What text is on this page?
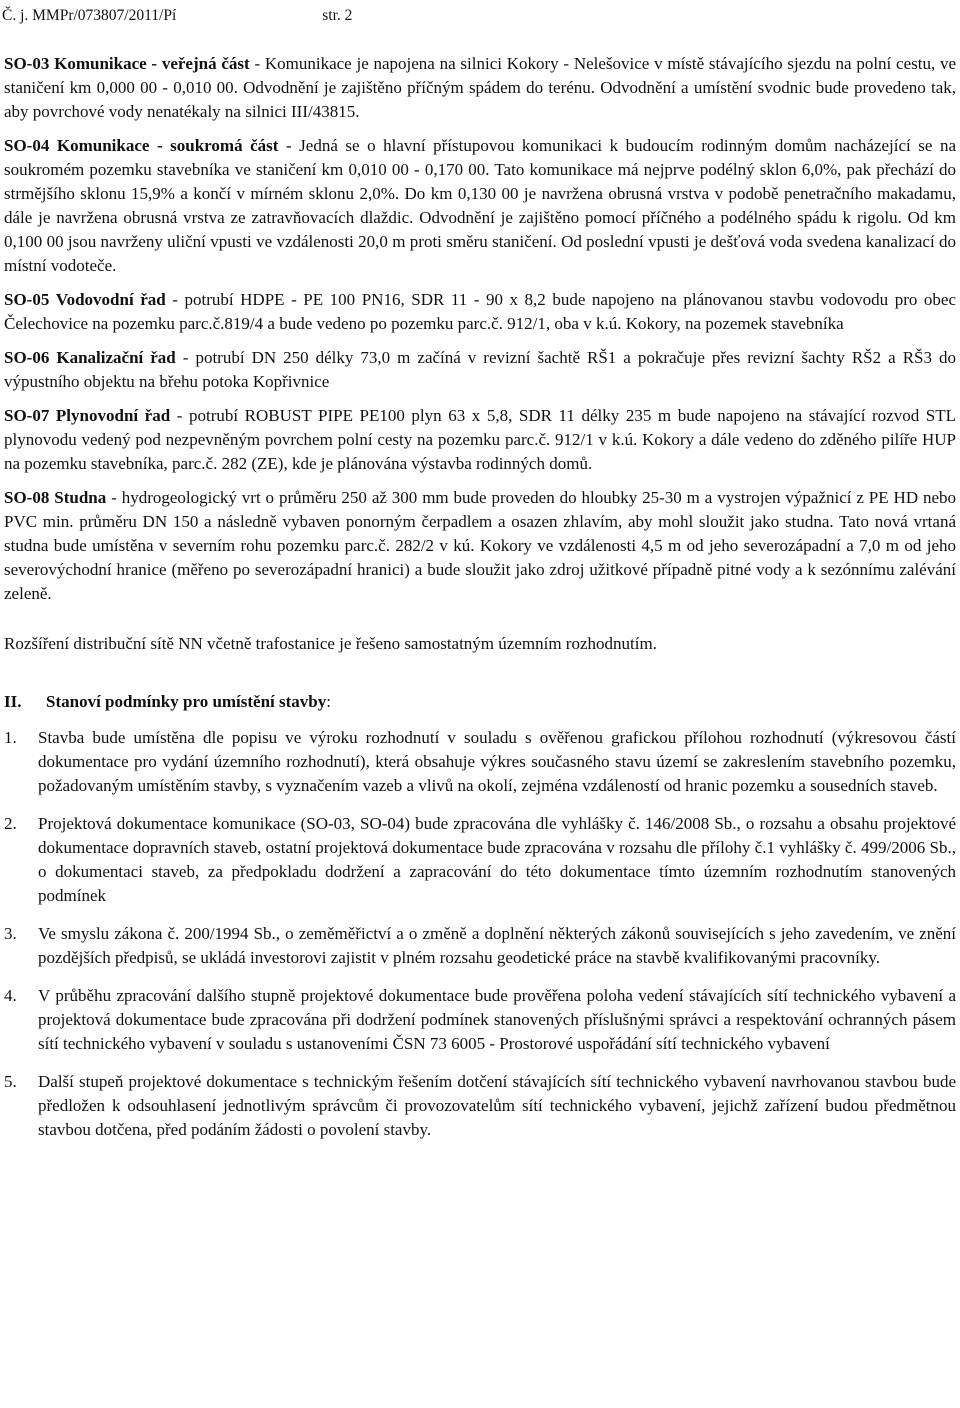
Č. j. MMPr/073807/2011/Pí	str. 2

SO-03 Komunikace - veřejná část - Komunikace je napojena na silnici Kokory - Nelešovice v místě stávajícího sjezdu na polní cestu, ve staničení km 0,000 00 - 0,010 00. Odvodnění je zajištěno příčným spádem do terénu. Odvodnění a umístění svodnic bude provedeno tak, aby povrchové vody nenatékaly na silnici III/43815.

SO-04 Komunikace - soukromá část - Jedná se o hlavní přístupovou komunikaci k budoucím rodinným domům nacházející se na soukromém pozemku stavebníka ve staničení km 0,010 00 - 0,170 00. Tato komunikace má nejprve podélný sklon 6,0%, pak přechází do strmějšího sklonu 15,9% a končí v mírném sklonu 2,0%. Do km 0,130 00 je navržena obrusná vrstva v podobě penetračního makadamu, dále je navržena obrusná vrstva ze zatravňovacích dlaždic. Odvodnění je zajištěno pomocí příčného a podélného spádu k rigolu. Od km 0,100 00 jsou navrženy uliční vpusti ve vzdálenosti 20,0 m proti směru staničení. Od poslední vpusti je dešťová voda svedena kanalizací do místní vodoteče.

SO-05 Vodovodní řad - potrubí HDPE - PE 100 PN16, SDR 11 - 90 x 8,2 bude napojeno na plánovanou stavbu vodovodu pro obec Čelechovice na pozemku parc.č.819/4 a bude vedeno po pozemku parc.č. 912/1, oba v k.ú. Kokory, na pozemek stavebníka

SO-06 Kanalizační řad - potrubí DN 250 délky 73,0 m začíná v revizní šachtě RŠ1 a pokračuje přes revizní šachty RŠ2 a RŠ3 do výpustního objektu na břehu potoka Kopřivnice

SO-07 Plynovodní řad - potrubí ROBUST PIPE PE100 plyn 63 x 5,8, SDR 11 délky 235 m bude napojeno na stávající rozvod STL plynovodu vedený pod nezpevněným povrchem polní cesty na pozemku parc.č. 912/1 v k.ú. Kokory a dále vedeno do zděného pilíře HUP na pozemku stavebníka, parc.č. 282 (ZE), kde je plánována výstavba rodinných domů.

SO-08 Studna - hydrogeologický vrt o průměru 250 až 300 mm bude proveden do hloubky 25-30 m a vystrojen výpažnicí z PE HD nebo PVC min. průměru DN 150 a následně vybaven ponorným čerpadlem a osazen zhlavím, aby mohl sloužit jako studna. Tato nová vrtaná studna bude umístěna v severním rohu pozemku parc.č. 282/2 v kú. Kokory ve vzdálenosti 4,5 m od jeho severozápadní a 7,0 m od jeho severovýchodní hranice (měřeno po severozápadní hranici) a bude sloužit jako zdroj užitkové případně pitné vody a k sezónnímu zalévání zeleně.

Rozšíření distribuční sítě NN včetně trafostanice je řešeno samostatným územním rozhodnutím.

II. Stanoví podmínky pro umístění stavby:
1.	Stavba bude umístěna dle popisu ve výroku rozhodnutí v souladu s ověřenou grafickou přílohou rozhodnutí (výkresovou částí dokumentace pro vydání územního rozhodnutí), která obsahuje výkres současného stavu území se zakreslením stavebního pozemku, požadovaným umístěním stavby, s vyznačením vazeb a vlivů na okolí, zejména vzdáleností od hranic pozemku a sousedních staveb.
2.	Projektová dokumentace komunikace (SO-03, SO-04) bude zpracována dle vyhlášky č. 146/2008 Sb., o rozsahu a obsahu projektové dokumentace dopravních staveb, ostatní projektová dokumentace bude zpracována v rozsahu dle přílohy č.1 vyhlášky č. 499/2006 Sb., o dokumentaci staveb, za předpokladu dodržení a zapracování do této dokumentace tímto územním rozhodnutím stanovených podmínek
3.	Ve smyslu zákona č. 200/1994 Sb., o zeměměřictví a o změně a doplnění některých zákonů souvisejících s jeho zavedením, ve znění pozdějších předpisů, se ukládá investorovi zajistit v plném rozsahu geodetické práce na stavbě kvalifikovanými pracovníky.
4.	V průběhu zpracování dalšího stupně projektové dokumentace bude prověřena poloha vedení stávajících sítí technického vybavení a projektová dokumentace bude zpracována při dodržení podmínek stanovených příslušnými správci a respektování ochranných pásem sítí technického vybavení v souladu s ustanoveními ČSN 73 6005 - Prostorové uspořádání sítí technického vybavení
5.	Další stupeň projektové dokumentace s technickým řešením dotčení stávajících sítí technického vybavení navrhovanou stavbou bude předložen k odsouhlasení jednotlivým správcům či provozovatelům sítí technického vybavení, jejichž zařízení budou předmětnou stavbou dotčena, před podáním žádosti o povolení stavby.
